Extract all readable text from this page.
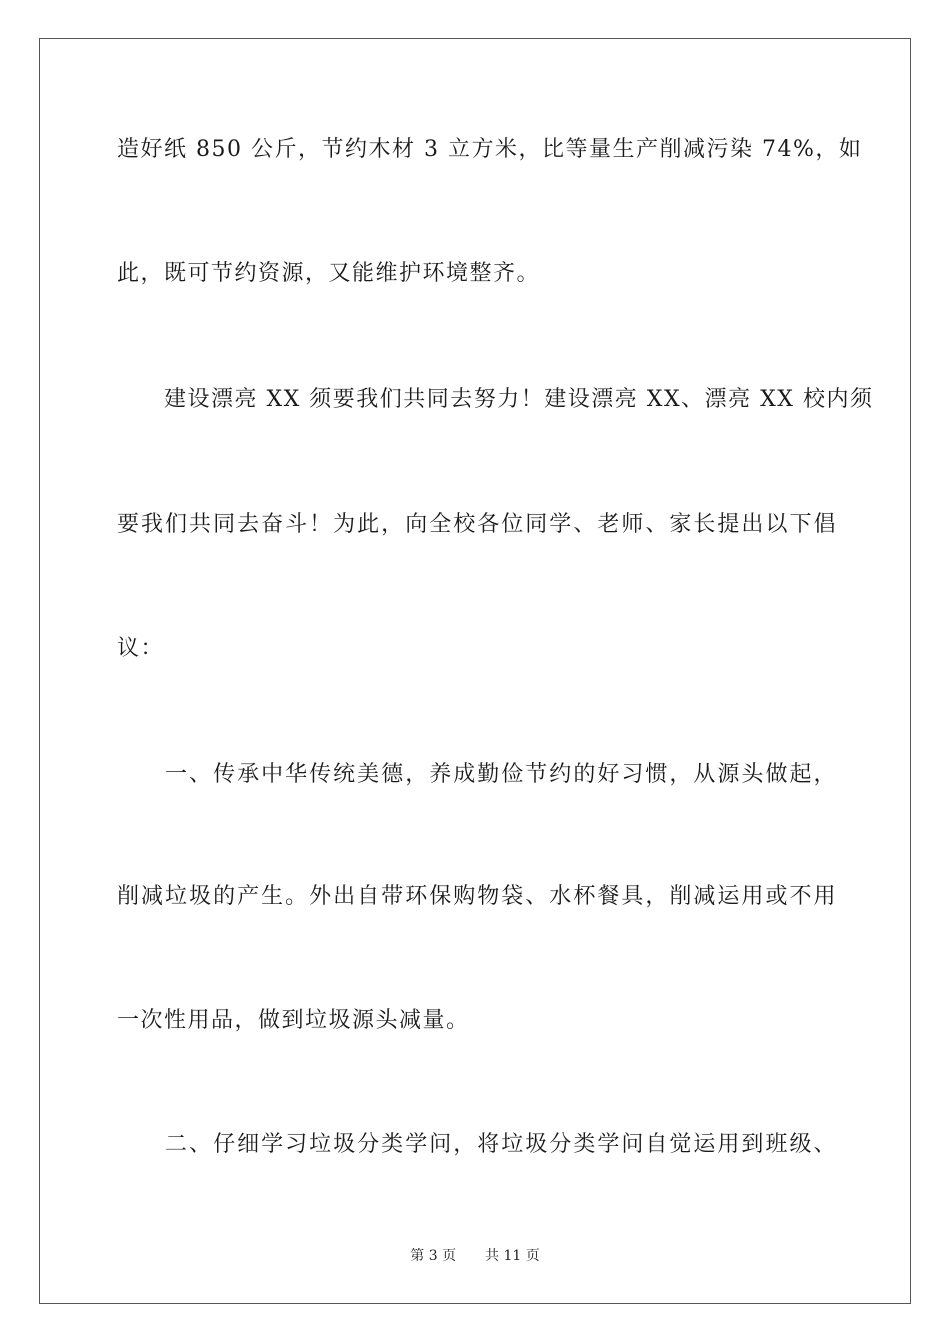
造好纸 850 公斤，节约木材 3 立方米，比等量生产削减污染 74%，如
此，既可节约资源，又能维护环境整齐。
　　建设漂亮 XX 须要我们共同去努力！建设漂亮 XX、漂亮 XX 校内须
要我们共同去奋斗！为此，向全校各位同学、老师、家长提出以下倡
议：
　　一、传承中华传统美德，养成勤俭节约的好习惯，从源头做起，
削减垃圾的产生。外出自带环保购物袋、水杯餐具，削减运用或不用
一次性用品，做到垃圾源头减量。
　　二、仔细学习垃圾分类学问，将垃圾分类学问自觉运用到班级、
第 3 页 共 11 页
